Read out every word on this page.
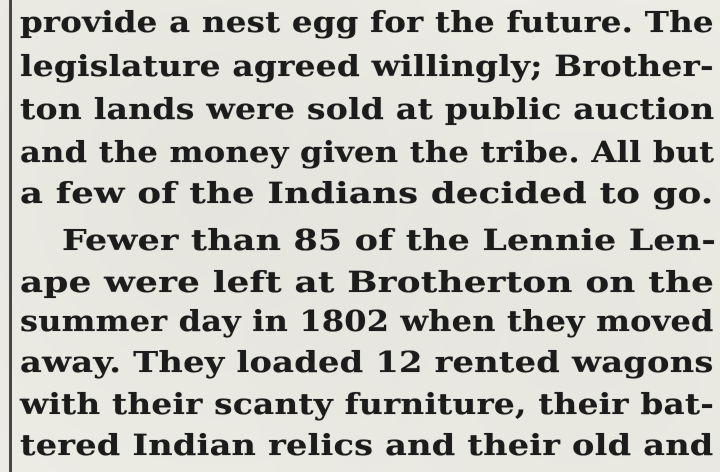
provide a nest egg for the future. The
legislature agreed willingly; Brother-
ton lands were sold at public auction
and the money given the tribe. All but
a few of the Indians decided to go.
Fewer than 85 of the Lennie Len-
ape were left at Brotherton on the
summer day in 1802 when they moved
away. They loaded 12 rented wagons
with their scanty furniture, their bat-
tered Indian relics and their old and
